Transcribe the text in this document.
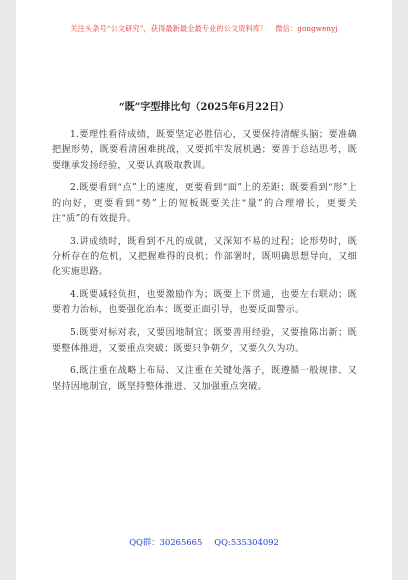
关注头条号“公文研究”，获得最新最全最专业的公文资料库！ 微信：gongwenyj
“既”字型排比句（2025年6月22日）

1.要理性看待成绩，既要坚定必胜信心，又要保持清醒头脑；要准确把握形势，既要看清困难挑战，又要抓牢发展机遇；要善于总结思考，既要继承发扬经验，又要认真吸取教训。

2.既要看到“点”上的速度，更要看到“面”上的差距；既要看到“形”上的向好，更要看到“势”上的短板既要关注“量”的合理增长，更要关注“质”的有效提升。

3.讲成绩时，既看到不凡的成就，又深知不易的过程；论形势时，既分析存在的危机，又把握难得的良机；作部署时，既明确思想导向，又细化实施思路。

4.既要减轻负担，也要激励作为；既要上下贯通，也要左右联动；既要着力治标，也要强化治本；既要正面引导，也要反面警示。

5.既要对标对表，又要因地制宜；既要善用经验，又要推陈出新；既要整体推进，又要重点突破；既要只争朝夕，又要久久为功。

6.既注重在战略上布局、又注重在关键处落子，既遵循一般规律、又坚持因地制宜，既坚持整体推进、又加强重点突破。

QQ群：30265665 QQ:535304092
